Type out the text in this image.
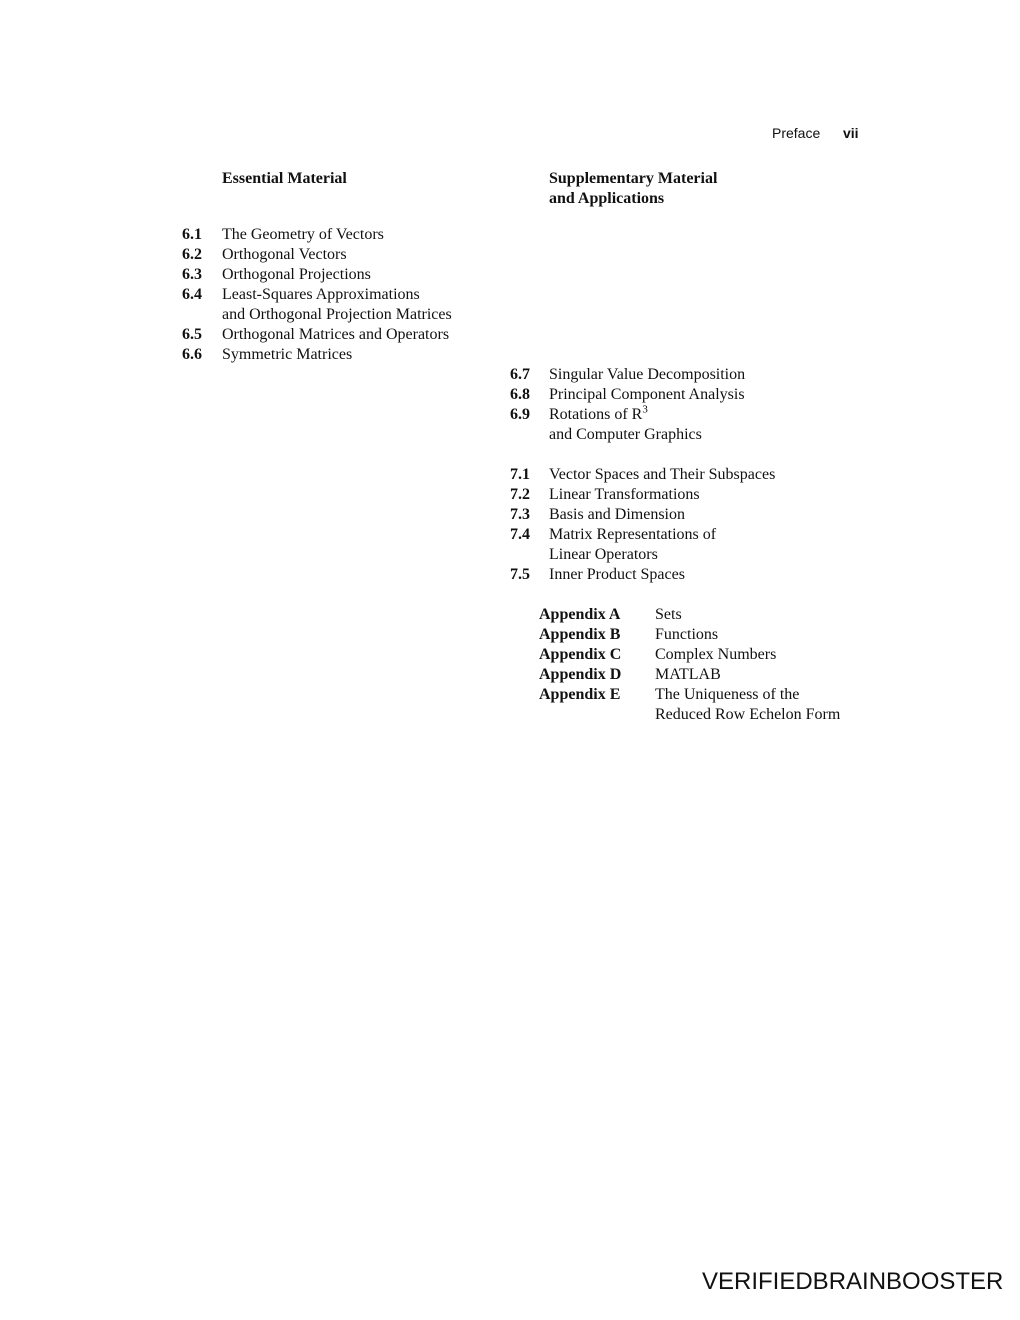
Preface vii
Essential Material	Supplementary Material
and Applications
6.1 The Geometry of Vectors
6.2 Orthogonal Vectors
6.3 Orthogonal Projections
6.4 Least-Squares Approximations
and Orthogonal Projection Matrices
6.5 Orthogonal Matrices and Operators
6.6 Symmetric Matrices
6.7 Singular Value Decomposition
6.8 Principal Component Analysis
6.9 Rotations of $R^3$
and Computer Graphics
7.1 Vector Spaces and Their Subspaces
7.2 Linear Transformations
7.3 Basis and Dimension
7.4 Matrix Representations of
Linear Operators
7.5 Inner Product Spaces
Appendix A Sets
Appendix B Functions
Appendix C Complex Numbers
Appendix D MATLAB
Appendix E The Uniqueness of the
Reduced Row Echelon Form
VERIFIEDBRAINBOOSTER
